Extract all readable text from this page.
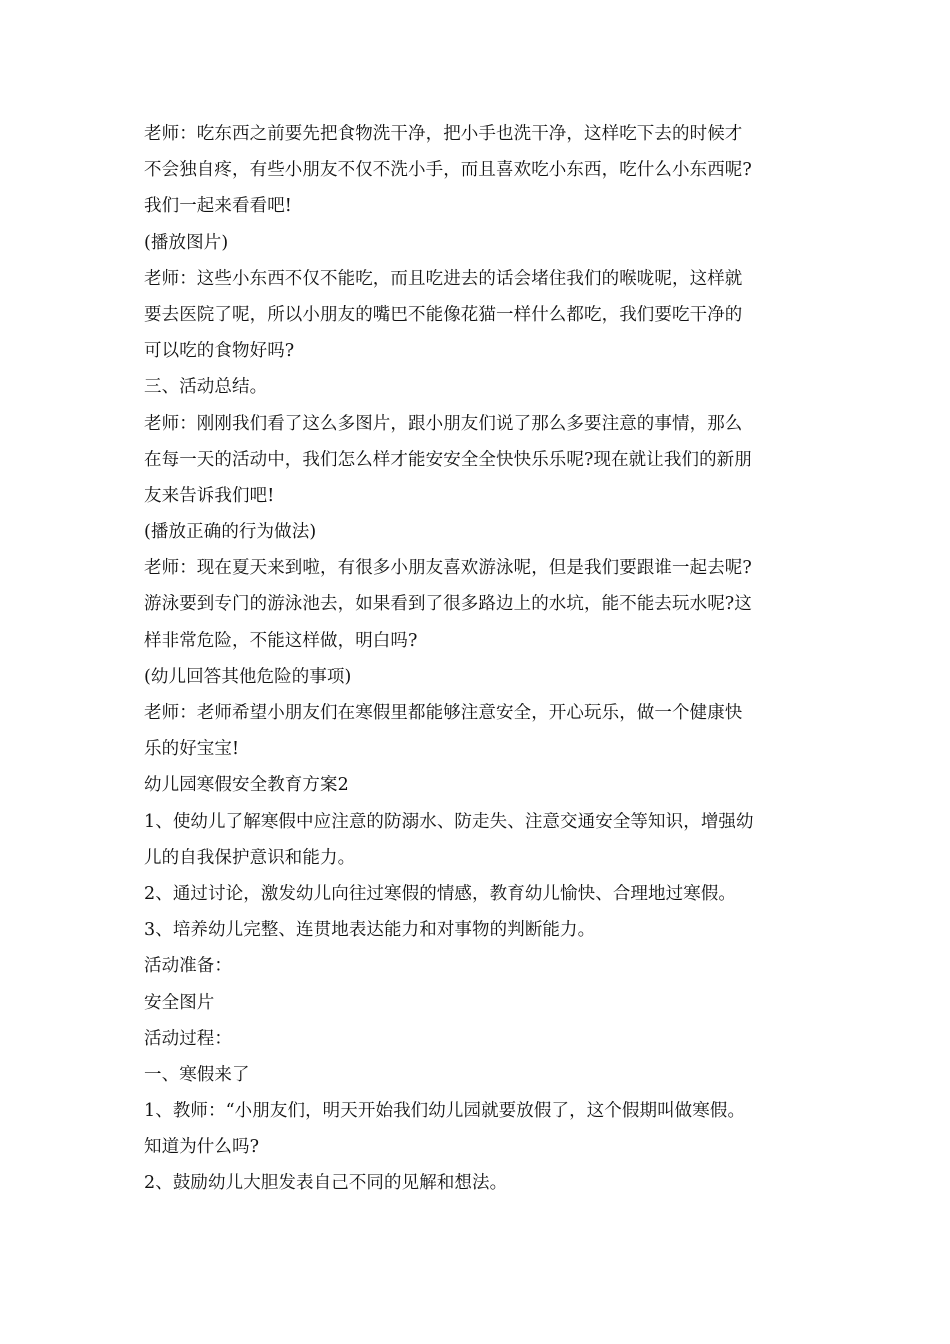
老师：吃东西之前要先把食物洗干净，把小手也洗干净，这样吃下去的时候才
不会独自疼，有些小朋友不仅不洗小手，而且喜欢吃小东西，吃什么小东西呢?
我们一起来看看吧!
(播放图片)
老师：这些小东西不仅不能吃，而且吃进去的话会堵住我们的喉咙呢，这样就
要去医院了呢，所以小朋友的嘴巴不能像花猫一样什么都吃，我们要吃干净的
可以吃的食物好吗?
三、活动总结。
老师：刚刚我们看了这么多图片，跟小朋友们说了那么多要注意的事情，那么
在每一天的活动中，我们怎么样才能安安全全快快乐乐呢?现在就让我们的新朋
友来告诉我们吧!
(播放正确的行为做法)
老师：现在夏天来到啦，有很多小朋友喜欢游泳呢，但是我们要跟谁一起去呢?
游泳要到专门的游泳池去，如果看到了很多路边上的水坑，能不能去玩水呢?这
样非常危险，不能这样做，明白吗?
(幼儿回答其他危险的事项)
老师：老师希望小朋友们在寒假里都能够注意安全，开心玩乐，做一个健康快
乐的好宝宝!
幼儿园寒假安全教育方案2
1、使幼儿了解寒假中应注意的防溺水、防走失、注意交通安全等知识，增强幼
儿的自我保护意识和能力。
2、通过讨论，激发幼儿向往过寒假的情感，教育幼儿愉快、合理地过寒假。
3、培养幼儿完整、连贯地表达能力和对事物的判断能力。
活动准备：
安全图片
活动过程：
一、寒假来了
1、教师：“小朋友们，明天开始我们幼儿园就要放假了，这个假期叫做寒假。
知道为什么吗?
2、鼓励幼儿大胆发表自己不同的见解和想法。
